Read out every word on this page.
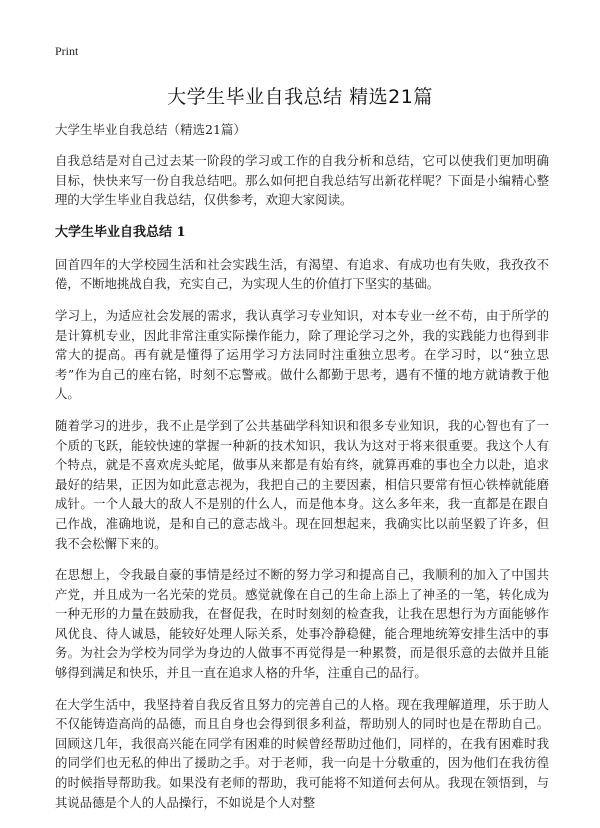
Print

大学生毕业自我总结 精选21篇

大学生毕业自我总结（精选21篇）

自我总结是对自己过去某一阶段的学习或工作的自我分析和总结，它可以使我们更加明确目标，快快来写一份自我总结吧。那么如何把自我总结写出新花样呢？下面是小编精心整理的大学生毕业自我总结，仅供参考，欢迎大家阅读。

大学生毕业自我总结 1

回首四年的大学校园生活和社会实践生活，有渴望、有追求、有成功也有失败，我孜孜不倦，不断地挑战自我，充实自己，为实现人生的价值打下坚实的基础。

学习上，为适应社会发展的需求，我认真学习专业知识，对本专业一丝不苟，由于所学的是计算机专业，因此非常注重实际操作能力，除了理论学习之外，我的实践能力也得到非常大的提高。再有就是懂得了运用学习方法同时注重独立思考。在学习时，以“独立思考”作为自己的座右铭，时刻不忘警戒。做什么都勤于思考，遇有不懂的地方就请教于他人。

随着学习的进步，我不止是学到了公共基础学科知识和很多专业知识，我的心智也有了一个质的飞跃，能较快速的掌握一种新的技术知识，我认为这对于将来很重要。我这个人有个特点，就是不喜欢虎头蛇尾，做事从来都是有始有终，就算再难的事也全力以赴，追求最好的结果，正因为如此意志视为，我把自己的主要因素，相信只要常有恒心铁棒就能磨成针。一个人最大的敌人不是别的什么人，而是他本身。这么多年来，我一直都是在跟自己作战，准确地说，是和自己的意志战斗。现在回想起来，我确实比以前坚毅了许多，但我不会松懈下来的。

在思想上，令我最自豪的事情是经过不断的努力学习和提高自己，我顺利的加入了中国共产党，并且成为一名光荣的党员。感觉就像在自己的生命上添上了神圣的一笔，转化成为一种无形的力量在鼓励我，在督促我，在时时刻刻的检查我，让我在思想行为方面能够作风优良、待人诚恳，能较好处理人际关系，处事冷静稳健，能合理地统筹安排生活中的事务。为社会为学校为同学为身边的人做事不再觉得是一种累赘，而是很乐意的去做并且能够得到满足和快乐，并且一直在追求人格的升华，注重自己的品行。

在大学生活中，我坚持着自我反省且努力的完善自己的人格。现在我理解道理，乐于助人不仅能铸造高尚的品德，而且自身也会得到很多利益，帮助别人的同时也是在帮助自己。回顾这几年，我很高兴能在同学有困难的时候曾经帮助过他们，同样的，在我有困难时我的同学们也无私的伸出了援助之手。对于老师，我一向是十分敬重的，因为他们在我彷徨的时候指导帮助我。如果没有老师的帮助，我可能将不知道何去何从。我现在领悟到，与其说品德是个人的人品操行，不如说是个人对整
